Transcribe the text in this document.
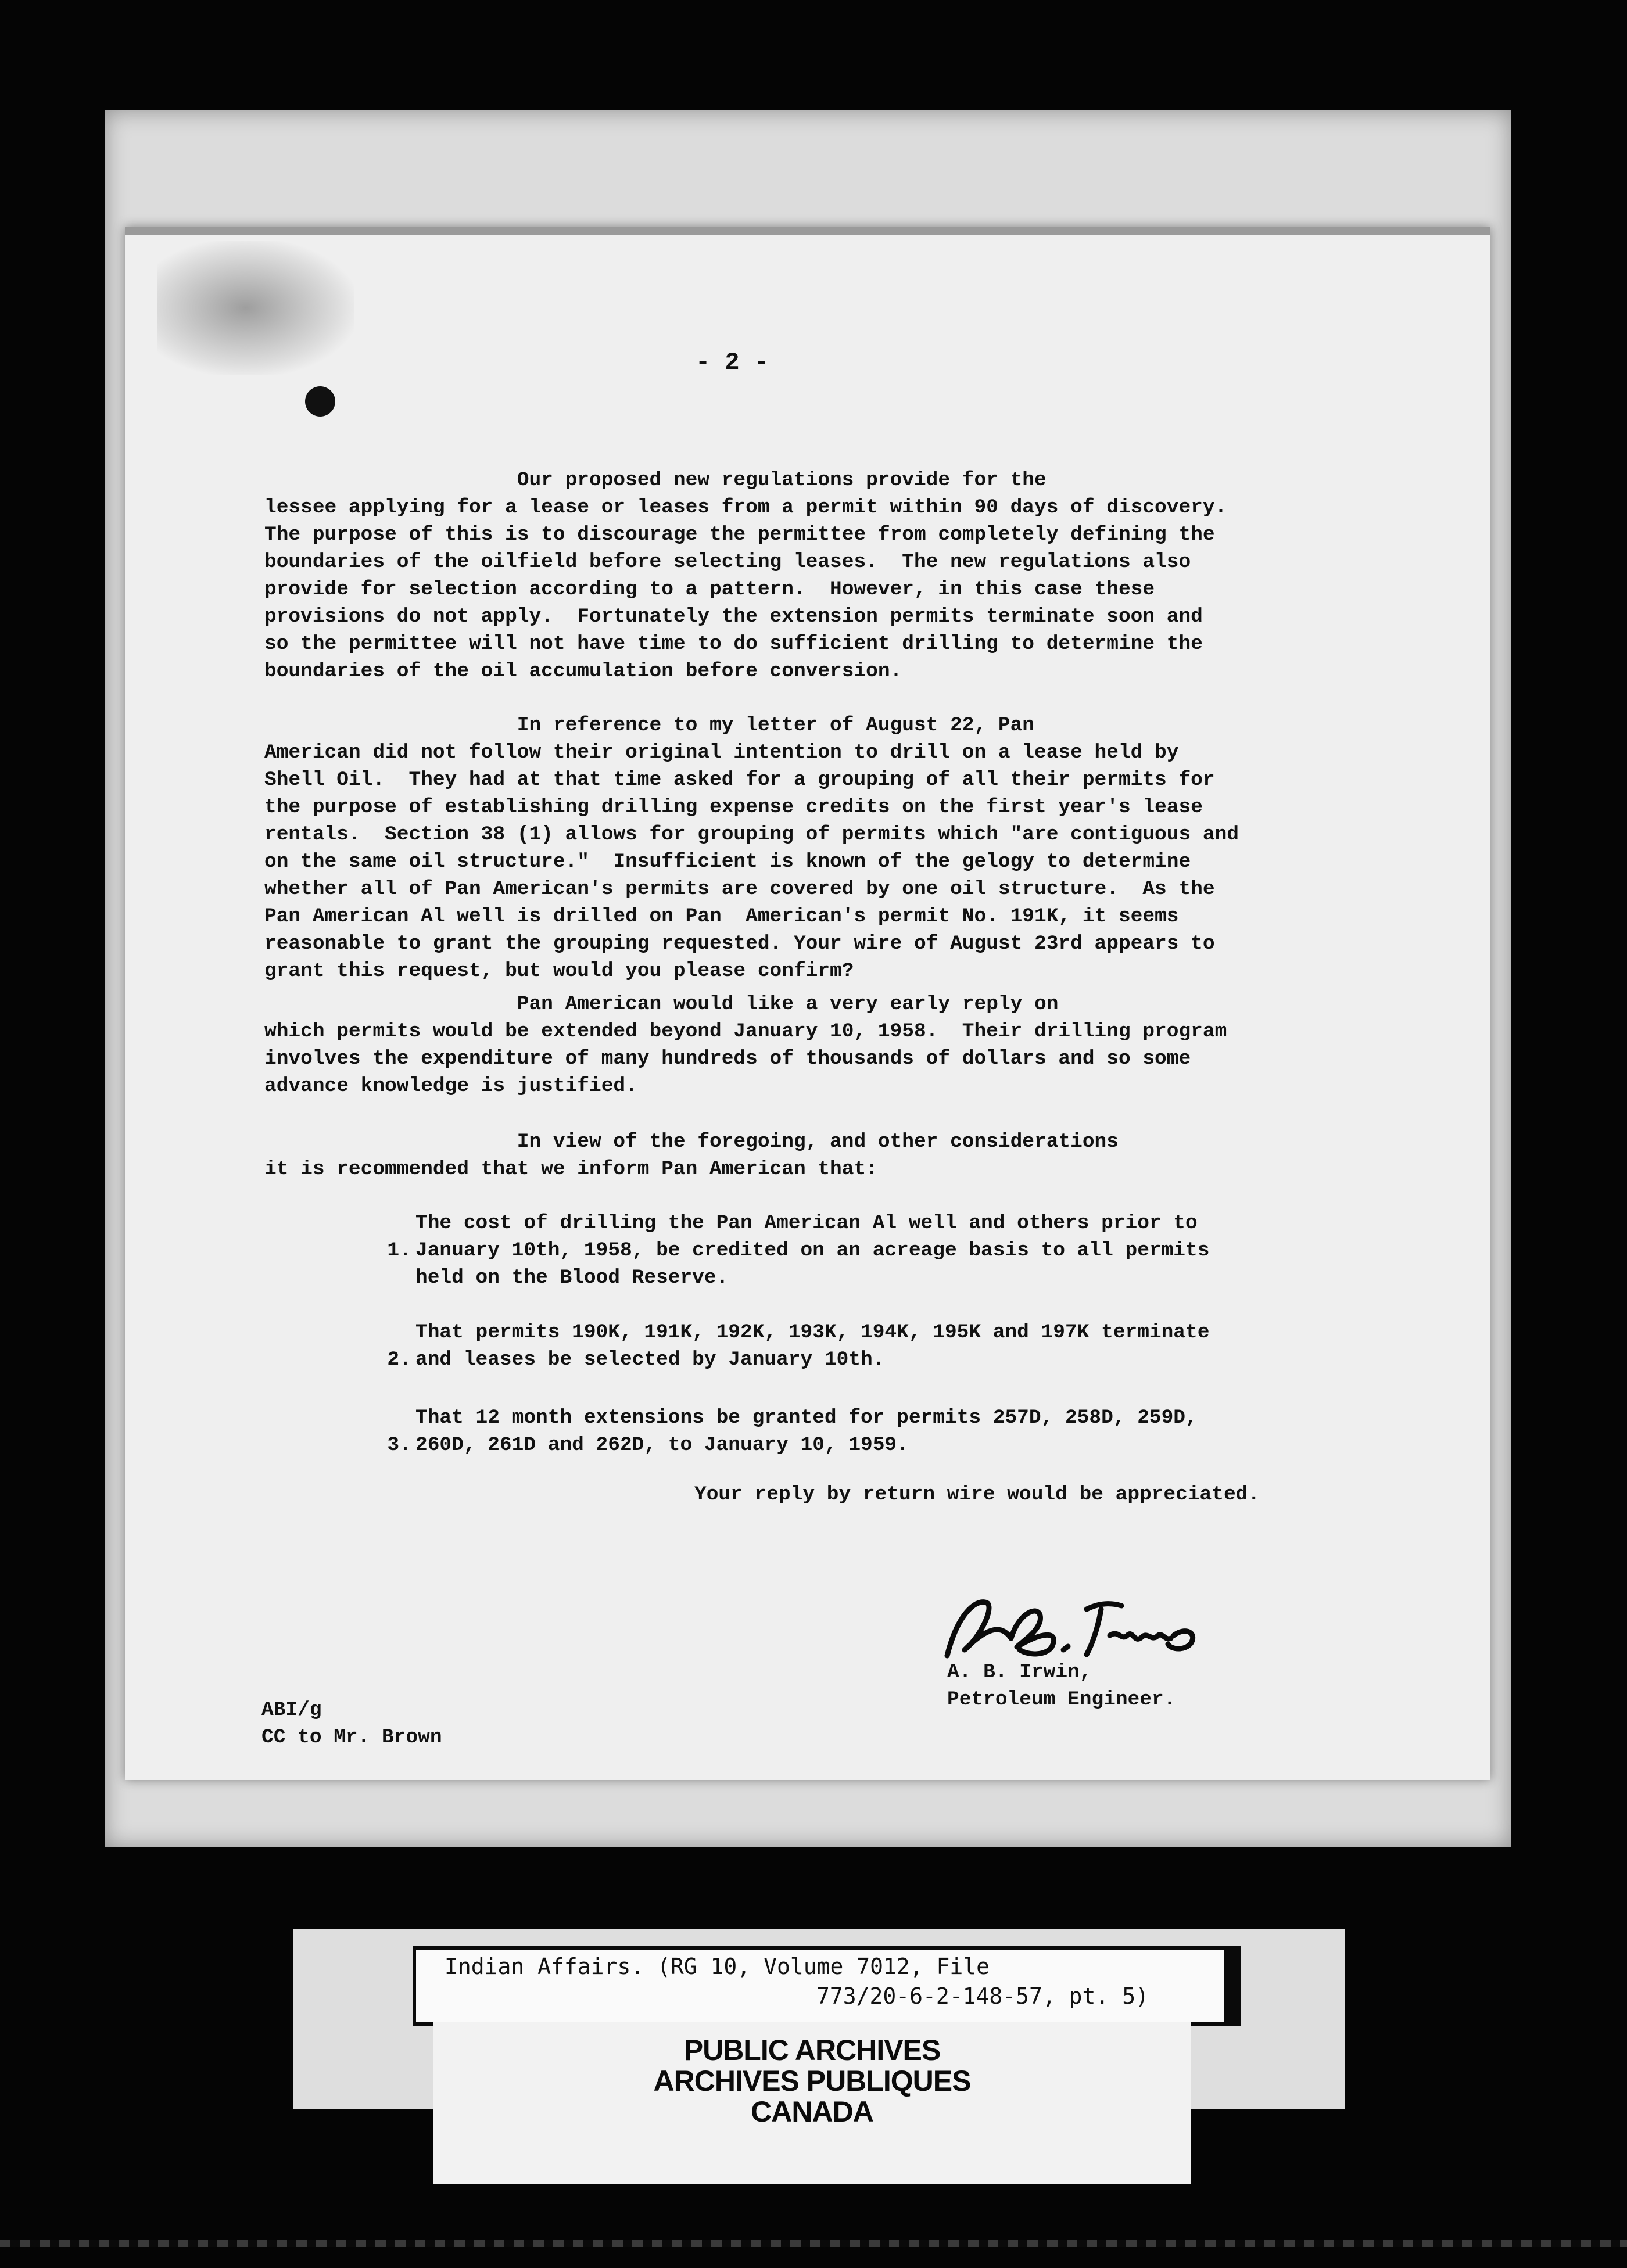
- 2 -
Our proposed new regulations provide for the
lessee applying for a lease or leases from a permit within 90 days of discovery.
The purpose of this is to discourage the permittee from completely defining the
boundaries of the oilfield before selecting leases.  The new regulations also
provide for selection according to a pattern.  However, in this case these
provisions do not apply.  Fortunately the extension permits terminate soon and
so the permittee will not have time to do sufficient drilling to determine the
boundaries of the oil accumulation before conversion.
In reference to my letter of August 22, Pan
American did not follow their original intention to drill on a lease held by
Shell Oil.  They had at that time asked for a grouping of all their permits for
the purpose of establishing drilling expense credits on the first year's lease
rentals.  Section 38 (1) allows for grouping of permits which "are contiguous and
on the same oil structure."  Insufficient is known of the gelogy to determine
whether all of Pan American's permits are covered by one oil structure.  As the
Pan American Al well is drilled on Pan  American's permit No. 191K, it seems
reasonable to grant the grouping requested. Your wire of August 23rd appears to
grant this request, but would you please confirm?
Pan American would like a very early reply on
which permits would be extended beyond January 10, 1958.  Their drilling program
involves the expenditure of many hundreds of thousands of dollars and so some
advance knowledge is justified.
In view of the foregoing, and other considerations
it is recommended that we inform Pan American that:

1.

The cost of drilling the Pan American Al well and others prior to
January 10th, 1958, be credited on an acreage basis to all permits
held on the Blood Reserve.

2.

That permits 190K, 191K, 192K, 193K, 194K, 195K and 197K terminate
and leases be selected by January 10th.

3.

That 12 month extensions be granted for permits 257D, 258D, 259D,
260D, 261D and 262D, to January 10, 1959.

Your reply by return wire would be appreciated.
A. B. Irwin,
Petroleum Engineer.
ABI/g
CC to Mr. Brown
Indian Affairs. (RG 10, Volume 7012, File
773/20-6-2-148-57, pt. 5)
PUBLIC ARCHIVES
ARCHIVES PUBLIQUES
CANADA
